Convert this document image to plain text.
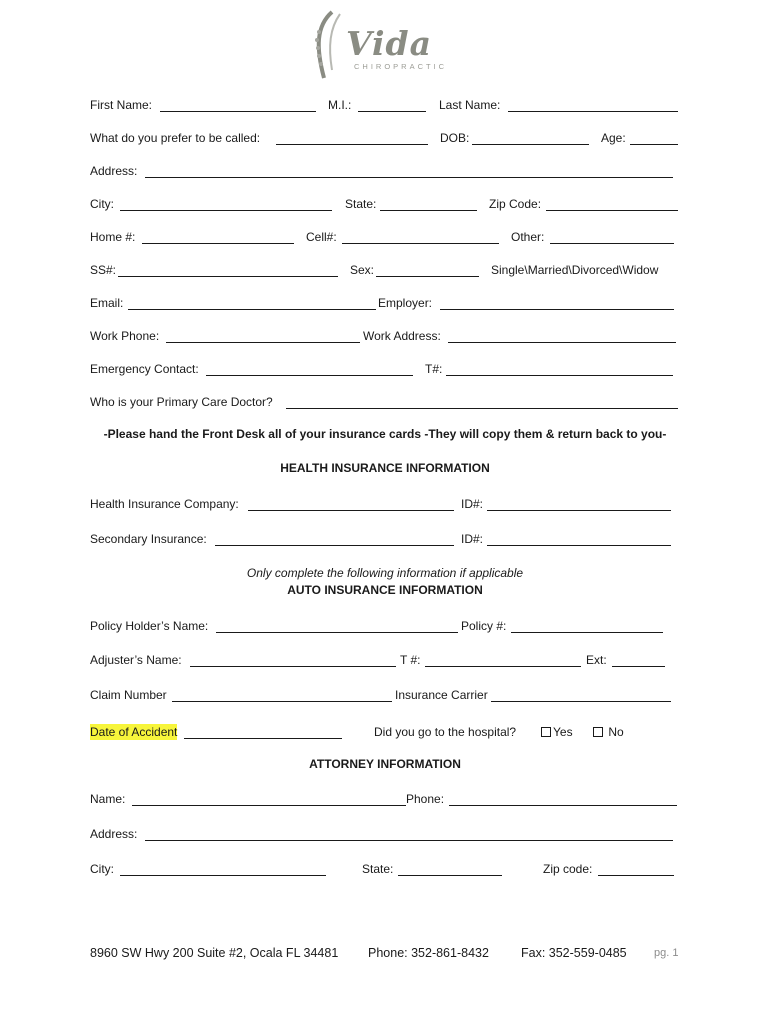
Vida
CHIROPRACTIC
First Name:	M.I.:	Last Name:
What do you prefer to be called:	DOB:	Age:
Address:
City:	State:	Zip Code:
Home #:	Cell#:	Other:
SS#:	Sex:	Single\Married\Divorced\Widow
Email:	Employer:
Work Phone:	Work Address:
Emergency Contact:	T#:
Who is your Primary Care Doctor?
-Please hand the Front Desk all of your insurance cards -They will copy them & return back to you-
HEALTH INSURANCE INFORMATION
Health Insurance Company:	ID#:
Secondary Insurance:	ID#:
Only complete the following information if applicable
AUTO INSURANCE INFORMATION
Policy Holder’s Name:	Policy #:
Adjuster’s Name:	T #:	Ext:
Claim Number	Insurance Carrier
Date of Accident	Did you go to the hospital?	Yes	No
ATTORNEY INFORMATION
Name:	Phone:
Address:
City:	State:	Zip code:
8960 SW Hwy 200 Suite #2, Ocala FL 34481 Phone: 352-861-8432	Fax: 352-559-0485 pg. 1
